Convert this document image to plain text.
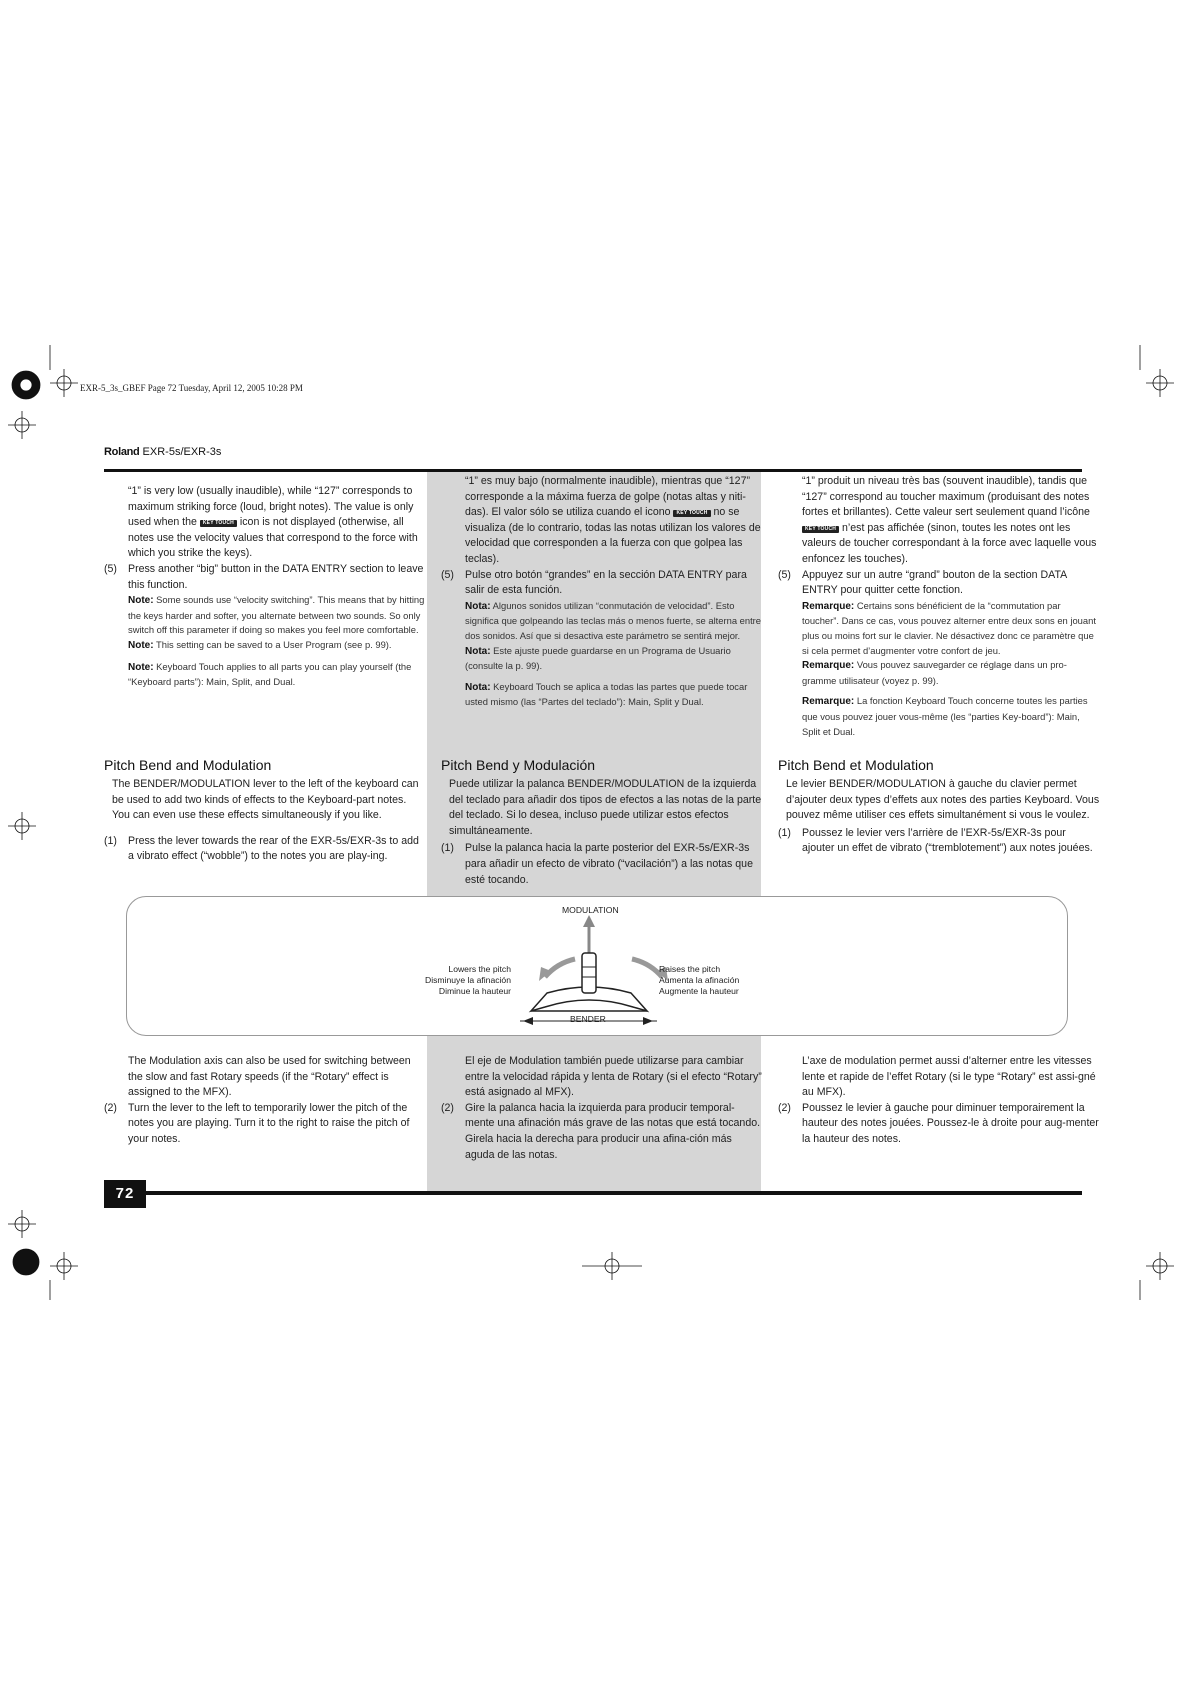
EXR-5_3s_GBEF Page 72 Tuesday, April 12, 2005 10:28 PM
Roland EXR-5s/EXR-3s

“1” is very low (usually inaudible), while “127” corresponds to maximum striking force (loud, bright notes). The value is only used when the KEY TOUCH icon is not displayed (otherwise, all notes use the velocity values that correspond to the force with which you strike the keys).

(5) Press another “big” button in the DATA ENTRY section to leave this function.

Note: Some sounds use “velocity switching”. This means that by hitting the keys harder and softer, you alternate between two sounds. So only switch off this parameter if doing so makes you feel more comfortable.
Note: This setting can be saved to a User Program (see p. 99).
Note: Keyboard Touch applies to all parts you can play yourself (the “Keyboard parts”): Main, Split, and Dual.

“1” es muy bajo (normalmente inaudible), mientras que “127” corresponde a la máxima fuerza de golpe (notas altas y niti-das). El valor sólo se utiliza cuando el icono KEY TOUCH no se visualiza (de lo contrario, todas las notas utilizan los valores de velocidad que corresponden a la fuerza con que golpea las teclas).

(5) Pulse otro botón “grandes” en la sección DATA ENTRY para salir de esta función.

Nota: Algunos sonidos utilizan “conmutación de velocidad”. Esto significa que golpeando las teclas más o menos fuerte, se alterna entre dos sonidos. Así que si desactiva este parámetro se sentirá mejor.
Nota: Este ajuste puede guardarse en un Programa de Usuario (consulte la p. 99).
Nota: Keyboard Touch se aplica a todas las partes que puede tocar usted mismo (las “Partes del teclado”): Main, Split y Dual.

“1” produit un niveau très bas (souvent inaudible), tandis que “127” correspond au toucher maximum (produisant des notes fortes et brillantes). Cette valeur sert seulement quand l’icône KEY TOUCH n’est pas affichée (sinon, toutes les notes ont les valeurs de toucher correspondant à la force avec laquelle vous enfoncez les touches).

(5) Appuyez sur un autre “grand” bouton de la section DATA ENTRY pour quitter cette fonction.

Remarque: Certains sons bénéficient de la “commutation par toucher”. Dans ce cas, vous pouvez alterner entre deux sons en jouant plus ou moins fort sur le clavier. Ne désactivez donc ce paramètre que si cela permet d’augmenter votre confort de jeu.
Remarque: Vous pouvez sauvegarder ce réglage dans un pro-gramme utilisateur (voyez p. 99).
Remarque: La fonction Keyboard Touch concerne toutes les parties que vous pouvez jouer vous-même (les “parties Key-board”): Main, Split et Dual.
Pitch Bend and Modulation

The BENDER/MODULATION lever to the left of the keyboard can be used to add two kinds of effects to the Keyboard-part notes. You can even use these effects simultaneously if you like.

(1) Press the lever towards the rear of the EXR-5s/EXR-3s to add a vibrato effect (“wobble”) to the notes you are play-ing.

Pitch Bend y Modulación

Puede utilizar la palanca BENDER/MODULATION de la izquierda del teclado para añadir dos tipos de efectos a las notas de la parte del teclado. Si lo desea, incluso puede utilizar estos efectos simultáneamente.

(1) Pulse la palanca hacia la parte posterior del EXR-5s/EXR-3s para añadir un efecto de vibrato (“vacilación”) a las notas que esté tocando.

Pitch Bend et Modulation

Le levier BENDER/MODULATION à gauche du clavier permet d’ajouter deux types d’effets aux notes des parties Keyboard. Vous pouvez même utiliser ces effets simultanément si vous le voulez.

(1) Poussez le levier vers l’arrière de l’EXR-5s/EXR-3s pour ajouter un effet de vibrato (“tremblotement”) aux notes jouées.

MODULATION
BENDER
Lowers the pitch
Disminuye la afinación
Diminue la hauteur
Raises the pitch
Aumenta la afinación
Augmente la hauteur

The Modulation axis can also be used for switching between the slow and fast Rotary speeds (if the “Rotary” effect is assigned to the MFX).

(2) Turn the lever to the left to temporarily lower the pitch of the notes you are playing. Turn it to the right to raise the pitch of your notes.

El eje de Modulation también puede utilizarse para cambiar entre la velocidad rápida y lenta de Rotary (si el efecto “Rotary” está asignado al MFX).

(2) Gire la palanca hacia la izquierda para producir temporal-mente una afinación más grave de las notas que está tocando. Girela hacia la derecha para producir una afina-ción más aguda de las notas.

L’axe de modulation permet aussi d’alterner entre les vitesses lente et rapide de l’effet Rotary (si le type “Rotary” est assi-gné au MFX).

(2) Poussez le levier à gauche pour diminuer temporairement la hauteur des notes jouées. Poussez-le à droite pour aug-menter la hauteur des notes.

72
